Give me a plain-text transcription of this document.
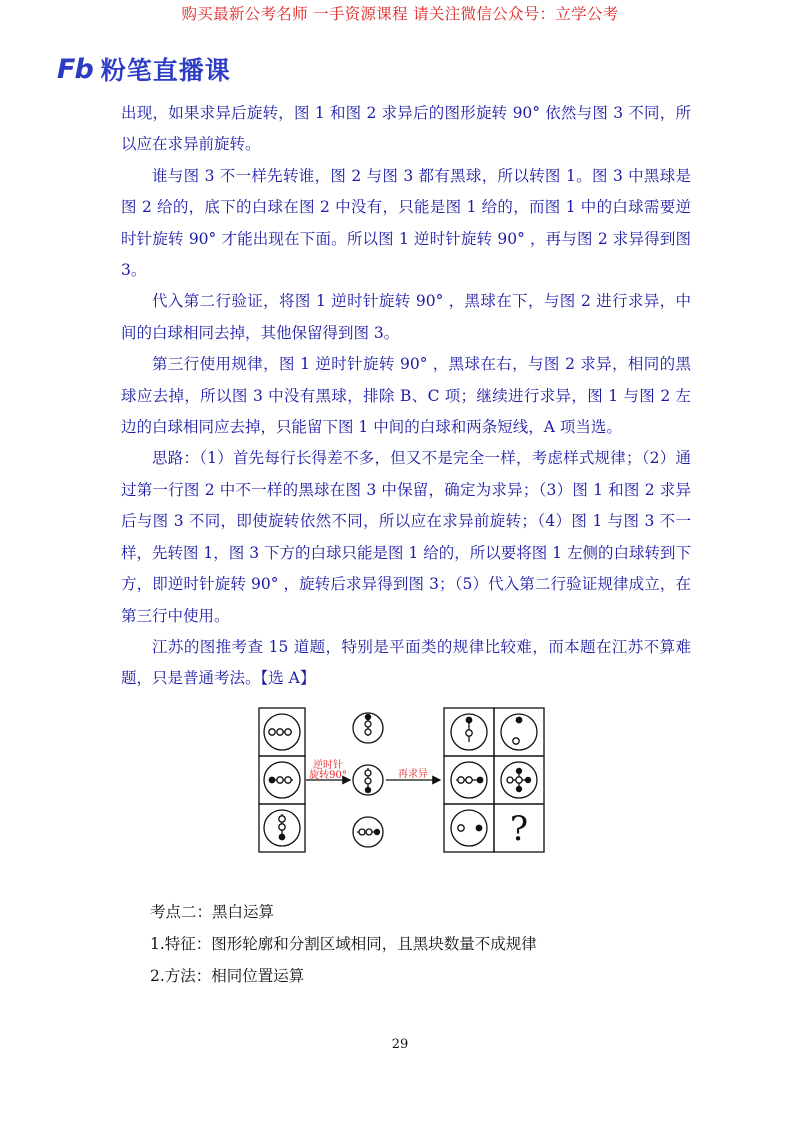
购买最新公考名师 一手资源课程 请关注微信公众号：立学公考
Fb 粉笔直播课

出现，如果求异后旋转，图 1 和图 2 求异后的图形旋转 90° 依然与图 3 不同，所以应在求异前旋转。

谁与图 3 不一样先转谁，图 2 与图 3 都有黑球，所以转图 1。图 3 中黑球是图 2 给的，底下的白球在图 2 中没有，只能是图 1 给的，而图 1 中的白球需要逆时针旋转 90° 才能出现在下面。所以图 1 逆时针旋转 90° ，再与图 2 求异得到图 3。

代入第二行验证，将图 1 逆时针旋转 90° ，黑球在下，与图 2 进行求异，中间的白球相同去掉，其他保留得到图 3。

第三行使用规律，图 1 逆时针旋转 90° ，黑球在右，与图 2 求异，相同的黑球应去掉，所以图 3 中没有黑球，排除 B、C 项；继续进行求异，图 1 与图 2 左边的白球相同应去掉，只能留下图 1 中间的白球和两条短线，A 项当选。

思路：（1）首先每行长得差不多，但又不是完全一样，考虑样式规律；（2）通过第一行图 2 中不一样的黑球在图 3 中保留，确定为求异；（3）图 1 和图 2 求异后与图 3 不同，即使旋转依然不同，所以应在求异前旋转；（4）图 1 与图 3 不一样，先转图 1，图 3 下方的白球只能是图 1 给的，所以要将图 1 左侧的白球转到下方，即逆时针旋转 90° ，旋转后求异得到图 3；（5）代入第二行验证规律成立，在第三行中使用。

江苏的图推考查 15 道题，特别是平面类的规律比较难，而本题在江苏不算难题，只是普通考法。【选 A】

逆时针
旋转90°	再求异
?

考点二：黑白运算

1.特征：图形轮廓和分割区域相同，且黑块数量不成规律

2.方法：相同位置运算

29
